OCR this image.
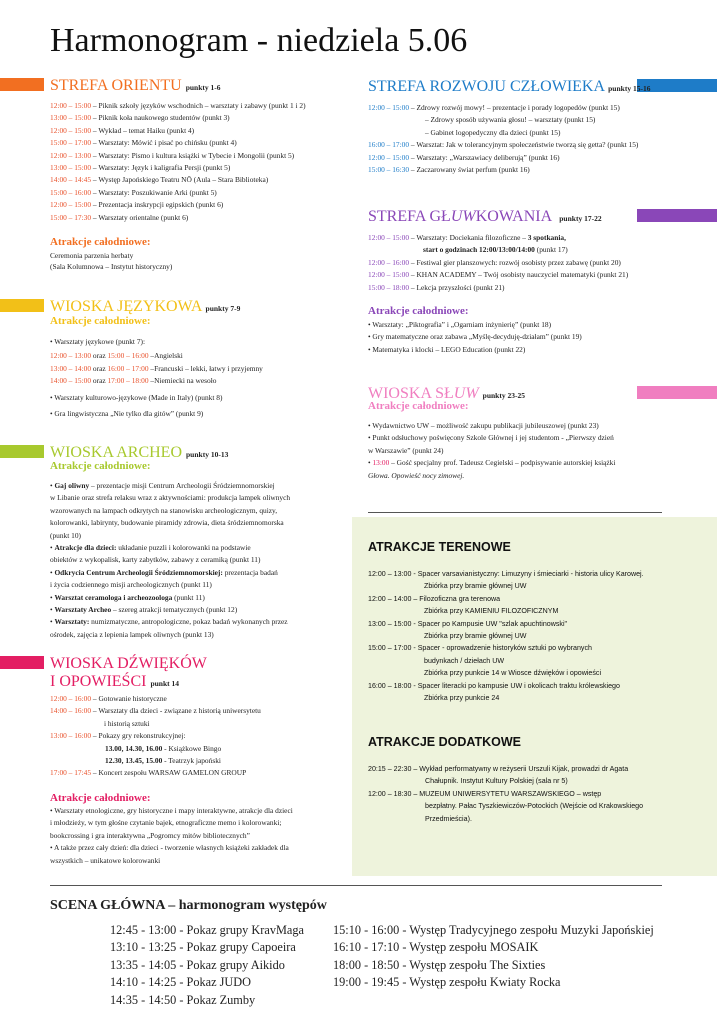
Harmonogram - niedziela 5.06
STREFA ORIENTU punkty 1-6
12:00 – 15:00 – Piknik szkoły języków wschodnich – warsztaty i zabawy (punkt 1 i 2)
13:00 – 15:00 – Piknik koła naukowego studentów (punkt 3)
12:00 – 15:00 – Wykład – temat Haiku (punkt 4)
15:00 – 17:00 – Warsztaty: Mówić i pisać po chińsku (punkt 4)
12:00 – 13:00 – Warsztaty: Pismo i kultura książki w Tybecie i Mongolii (punkt 5)
13:00 – 15:00 – Warsztaty: Język i kaligrafia Persji (punkt 5)
14:00 – 14:45 – Występ Japońskiego Teatru NŌ (Aula – Stara Biblioteka)
15:00 – 16:00 – Warsztaty: Poszukiwanie Arki (punkt 5)
12:00 – 15:00 – Prezentacja inskrypcji egipskich (punkt 6)
15:00 – 17:30 – Warsztaty orientalne (punkt 6)
Atrakcje całodniowe:
Ceremonia parzenia herbaty
(Sala Kolumnowa – Instytut historyczny)
WIOSKA JĘZYKOWA punkty 7-9
Atrakcje całodniowe:
• Warsztaty językowe (punkt 7):
12:00 – 13:00 oraz 15:00 – 16:00 –Angielski
13:00 – 14:00 oraz 16:00 – 17:00 –Francuski – lekki, łatwy i przyjemny
14:00 – 15:00 oraz 17:00 – 18:00 –Niemiecki na wesoło
• Warsztaty kulturowo-językowe (Made in Italy) (punkt 8)
• Gra lingwistyczna „Nie tylko dla gitów” (punkt 9)
WIOSKA ARCHEO punkty 10-13
Atrakcje całodniowe:
• Gaj oliwny – prezentacje misji Centrum Archeologii Śródziemnomorskiej
w Libanie oraz strefa relaksu wraz z aktywnościami: produkcja lampek oliwnych
wzorowanych na lampach odkrytych na stanowisku archeologicznym, quizy,
kolorowanki, labirynty, budowanie piramidy zdrowia, dieta śródziemnomorska
(punkt 10)
• Atrakcje dla dzieci: układanie puzzli i kolorowanki na podstawie
obiektów z wykopalisk, karty zabytków, zabawy z ceramiką (punkt 11)
• Odkrycia Centrum Archeologii Śródziemnomorskiej: prezentacja badań
i życia codziennego misji archeologicznych (punkt 11)
• Warsztat ceramologa i archeozoologa (punkt 11)
• Warsztaty Archeo – szereg atrakcji tematycznych (punkt 12)
• Warsztaty: numizmatyczne, antropologiczne, pokaz badań wykonanych przez
ośrodek, zajęcia z lepienia lampek oliwnych (punkt 13)
WIOSKA DŹWIĘKÓW
I OPOWIEŚCI punkt 14
12:00 – 16:00 – Gotowanie historyczne
14:00 – 16:00 – Warsztaty dla dzieci - związane z historią uniwersytetu
i historią sztuki
13:00 – 16:00 – Pokazy gry rekonstrukcyjnej:
13.00, 14.30, 16.00 - Książkowe Bingo
12.30, 13.45, 15.00 - Teatrzyk japoński
17:00 – 17:45 – Koncert zespołu WARSAW GAMELON GROUP
Atrakcje całodniowe:
• Warsztaty etnologiczne, gry historyczne i mapy interaktywne, atrakcje dla dzieci
i młodzieży, w tym głośne czytanie bajek, etnograficzne memo i kolorowanki;
bookcrossing i gra interaktywna „Pogromcy mitów bibliotecznych”
• A także przez cały dzień: dla dzieci - tworzenie własnych książeki zakładek dla
wszystkich – unikatowe kolorowanki
STREFA ROZWOJU CZŁOWIEKA punkty 15-16
12:00 – 15:00 – Zdrowy rozwój mowy! – prezentacje i porady logopedów (punkt 15)
– Zdrowy sposób używania głosu! – warsztaty (punkt 15)
– Gabinet logopedyczny dla dzieci (punkt 15)
16:00 – 17:00 – Warsztat: Jak w tolerancyjnym społeczeństwie tworzą się getta? (punkt 15)
12:00 – 15:00 – Warsztaty: „Warszawiacy deliberują” (punkt 16)
15:00 – 16:30 – Zaczarowany świat perfum (punkt 16)
STREFA GŁUWKOWANIA punkty 17-22
12:00 – 15:00 – Warsztaty: Dociekania filozoficzne – 3 spotkania,
start o godzinach 12:00/13:00/14:00 (punkt 17)
12:00 – 16:00 – Festiwal gier planszowych: rozwój osobisty przez zabawę (punkt 20)
12:00 – 15:00 – KHAN ACADEMY – Twój osobisty nauczyciel matematyki (punkt 21)
15:00 – 18:00 – Lekcja przyszłości (punkt 21)
Atrakcje całodniowe:
• Warsztaty: „Piktografia” i „Ogarniam inżynierię” (punkt 18)
• Gry matematyczne oraz zabawa „Myślę-decyduję-działam” (punkt 19)
• Matematyka i klocki – LEGO Education (punkt 22)
WIOSKA SŁUW punkty 23-25
Atrakcje całodniowe:
• Wydawnictwo UW – możliwość zakupu publikacji jubileuszowej (punkt 23)
• Punkt odsłuchowy poświęcony Szkole Głównej i jej studentom - „Pierwszy dzień
w Warszawie” (punkt 24)
• 13:00 – Gość specjalny prof. Tadeusz Cegielski – podpisywanie autorskiej książki
Głowa. Opowieść nocy zimowej.
ATRAKCJE TERENOWE
12:00 – 13:00 - Spacer varsavianistyczny: Limuzyny i śmieciarki - historia ulicy Karowej.
Zbiórka przy bramie głównej UW
12:00 – 14:00 – Filozoficzna gra terenowa
Zbiórka przy KAMIENIU FILOZOFICZNYM
13:00 – 15:00 - Spacer po Kampusie UW "szlak apuchtinowski"
Zbiórka przy bramie głównej UW
15:00 – 17:00 - Spacer - oprowadzenie historyków sztuki po wybranych
budynkach / dziełach UW
Zbiórka przy punkcie 14 w Wiosce dźwięków i opowieści
16:00 – 18:00 - Spacer literacki po kampusie UW i okolicach traktu królewskiego
Zbiórka przy punkcie 24
ATRAKCJE DODATKOWE
20:15 – 22:30 – Wykład performatywny w reżyserii Urszuli Kijak, prowadzi dr Agata
Chałupnik. Instytut Kultury Polskiej (sala nr 5)
12:00 – 18:30 – MUZEUM UNIWERSYTETU WARSZAWSKIEGO – wstęp
bezpłatny. Pałac Tyszkiewiczów-Potockich (Wejście od Krakowskiego
Przedmieścia).
SCENA GŁÓWNA – harmonogram występów
12:45 - 13:00 - Pokaz grupy KravMaga
13:10 - 13:25 - Pokaz grupy Capoeira
13:35 - 14:05 - Pokaz grupy Aikido
14:10 - 14:25 - Pokaz JUDO
14:35 - 14:50 - Pokaz Zumby
15:10 - 16:00 - Występ Tradycyjnego zespołu Muzyki Japońskiej
16:10 - 17:10 - Występ zespołu MOSAIK
18:00 - 18:50 - Występ zespołu The Sixties
19:00 - 19:45 - Występ zespołu Kwiaty Rocka
